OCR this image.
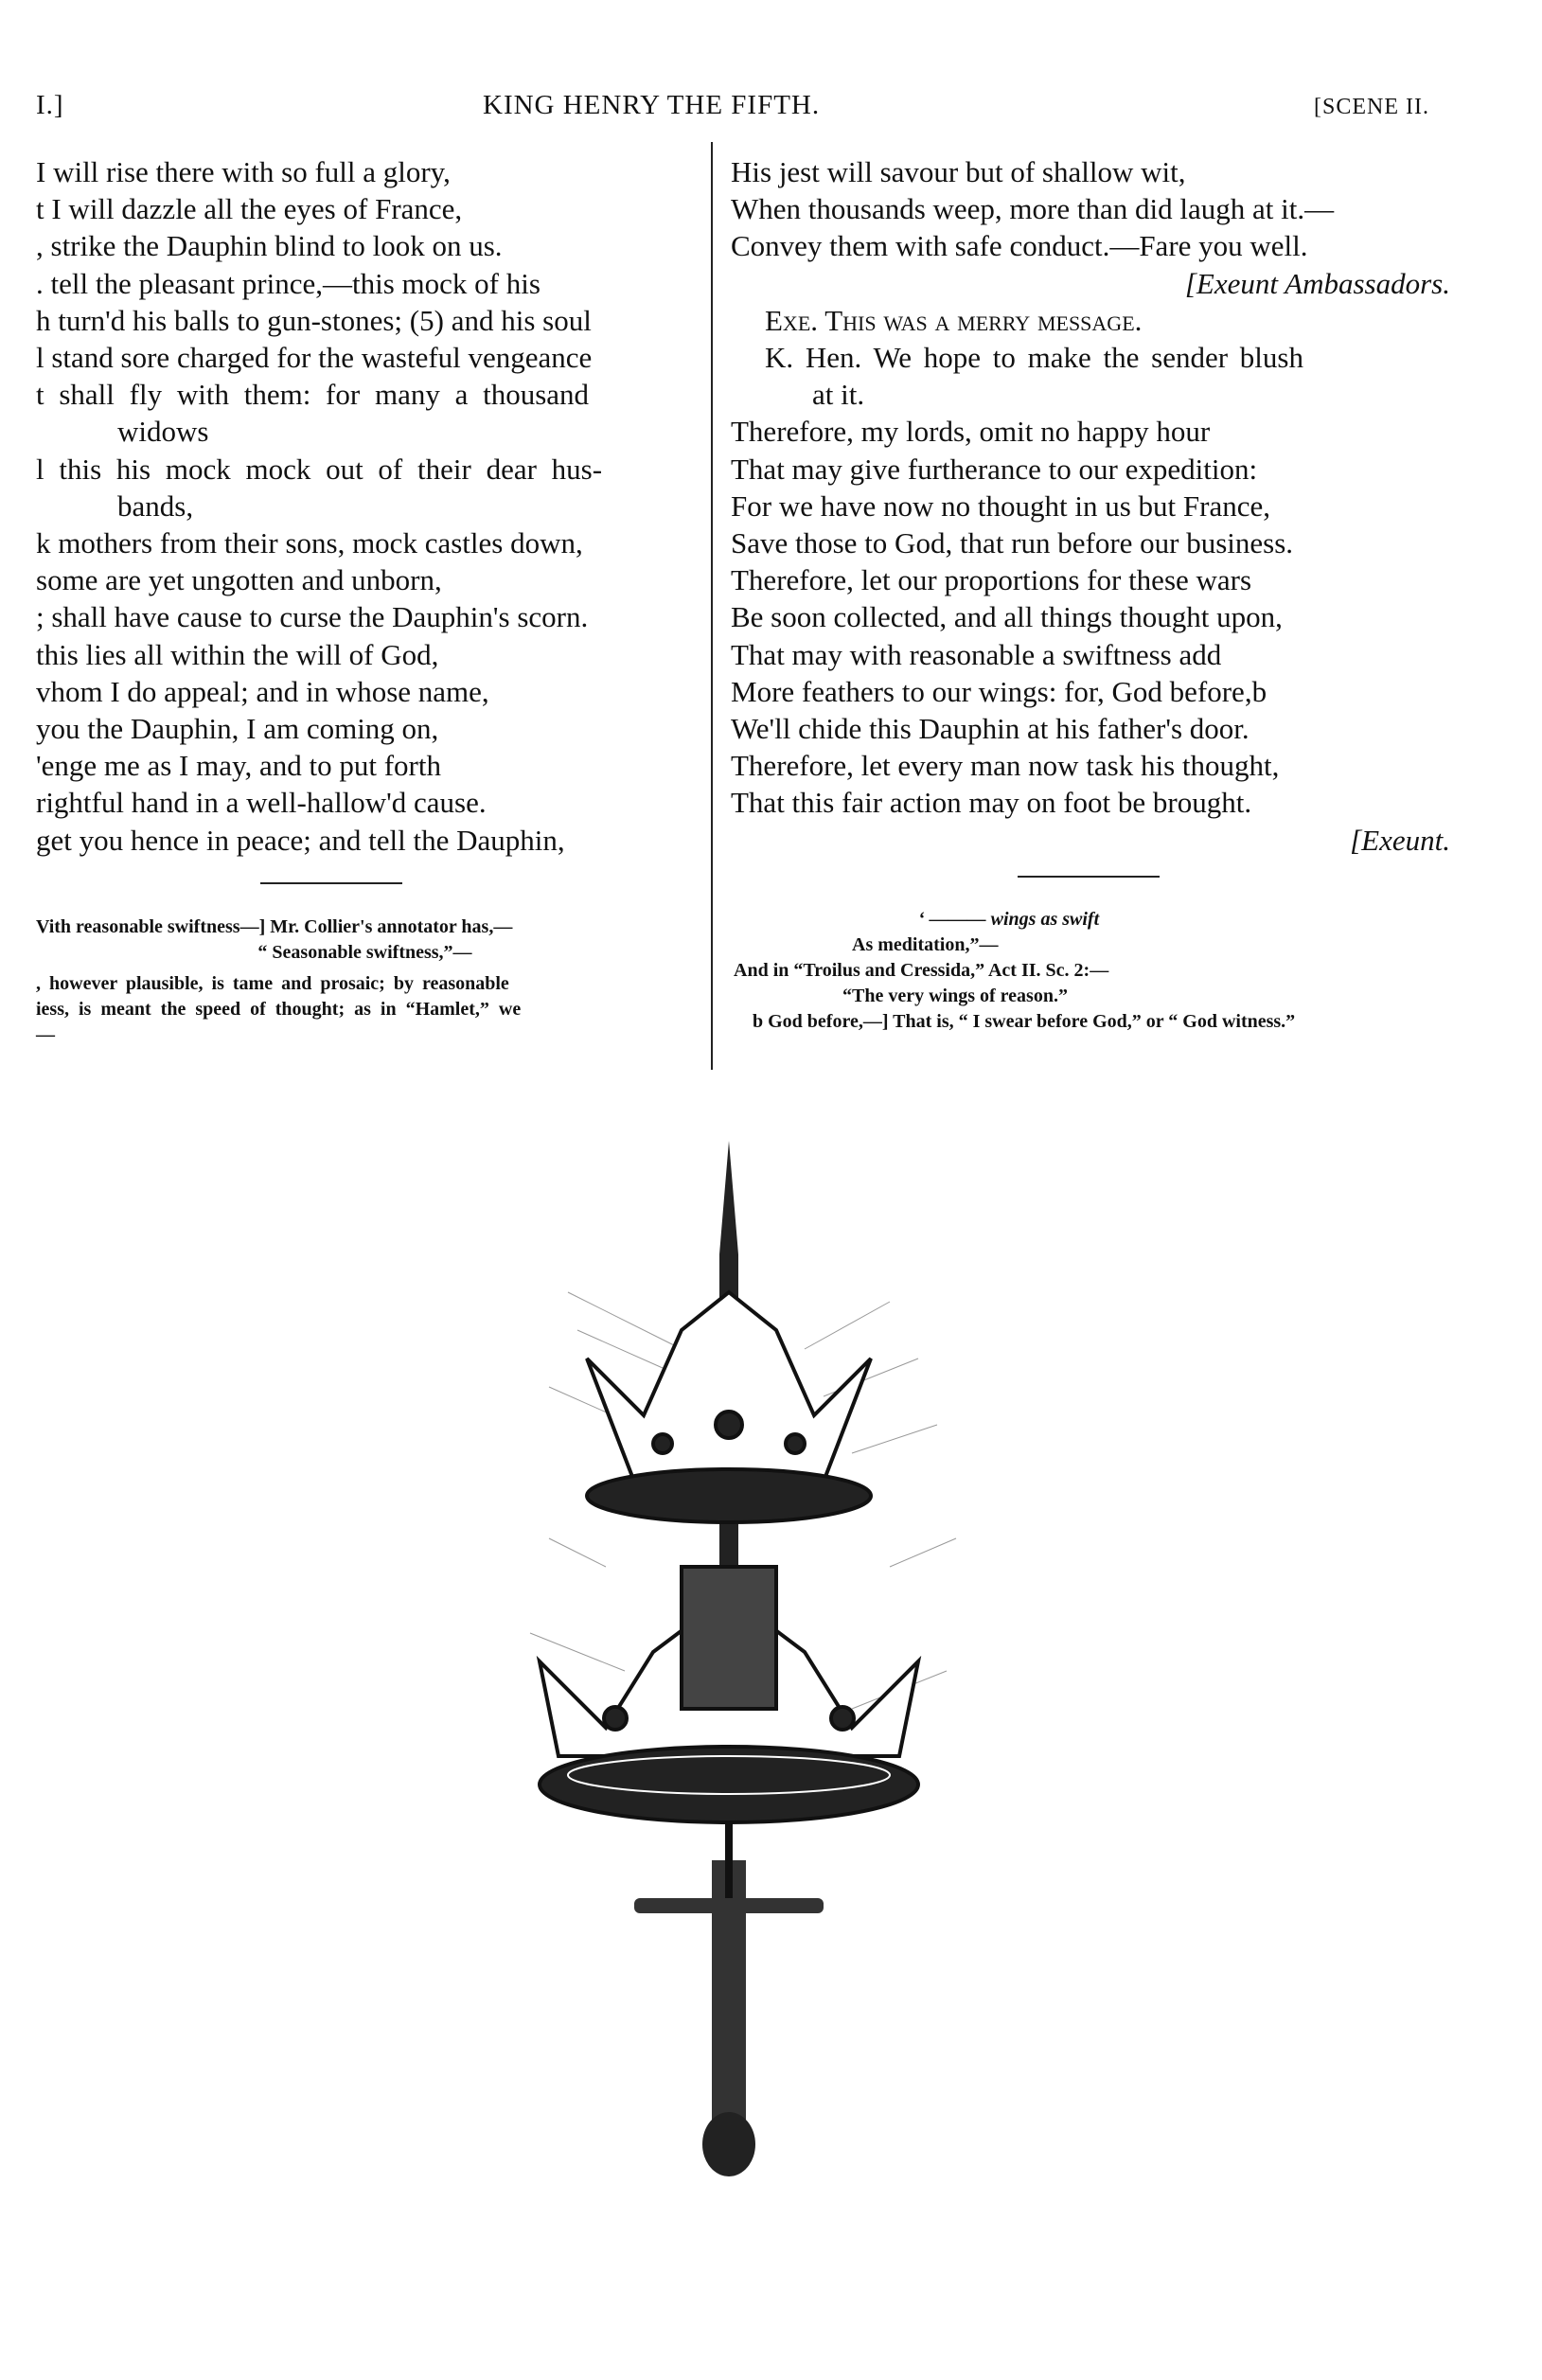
I.]	KING HENRY THE FIFTH.	[SCENE II.
I will rise there with so full a glory,
t I will dazzle all the eyes of France,
, strike the Dauphin blind to look on us.
. tell the pleasant prince,—this mock of his
h turn'd his balls to gun-stones; (5) and his soul
l stand sore charged for the wasteful vengeance
t shall fly with them: for many a thousand
widows
l this his mock mock out of their dear hus-
bands,
k mothers from their sons, mock castles down,
some are yet ungotten and unborn,
; shall have cause to curse the Dauphin's scorn.
this lies all within the will of God,
vhom I do appeal; and in whose name,
you the Dauphin, I am coming on,
'enge me as I may, and to put forth
rightful hand in a well-hallow'd cause.
get you hence in peace; and tell the Dauphin,
His jest will savour but of shallow wit,
When thousands weep, more than did laugh at it.—
Convey them with safe conduct.—Fare you well.
[Exeunt Ambassadors.
Exe. This was a merry message.
K. Hen. We hope to make the sender blush
at it.
Therefore, my lords, omit no happy hour
That may give furtherance to our expedition:
For we have now no thought in us but France,
Save those to God, that run before our business.
Therefore, let our proportions for these wars
Be soon collected, and all things thought upon,
That may with reasonable a swiftness add
More feathers to our wings: for, God before,b
We'll chide this Dauphin at his father's door.
Therefore, let every man now task his thought,
That this fair action may on foot be brought.
[Exeunt.
Vith reasonable swiftness—] Mr. Collier's annotator has,—
“ Seasonable swiftness,”—
, however plausible, is tame and prosaic; by reasonable
iess, is meant the speed of thought; as in “Hamlet,” we
—
‘ ——— wings as swift
As meditation,”—
And in “Troilus and Cressida,” Act II. Sc. 2:—
“The very wings of reason.”
b God before,—] That is, “ I swear before God,” or “ God witness.”
